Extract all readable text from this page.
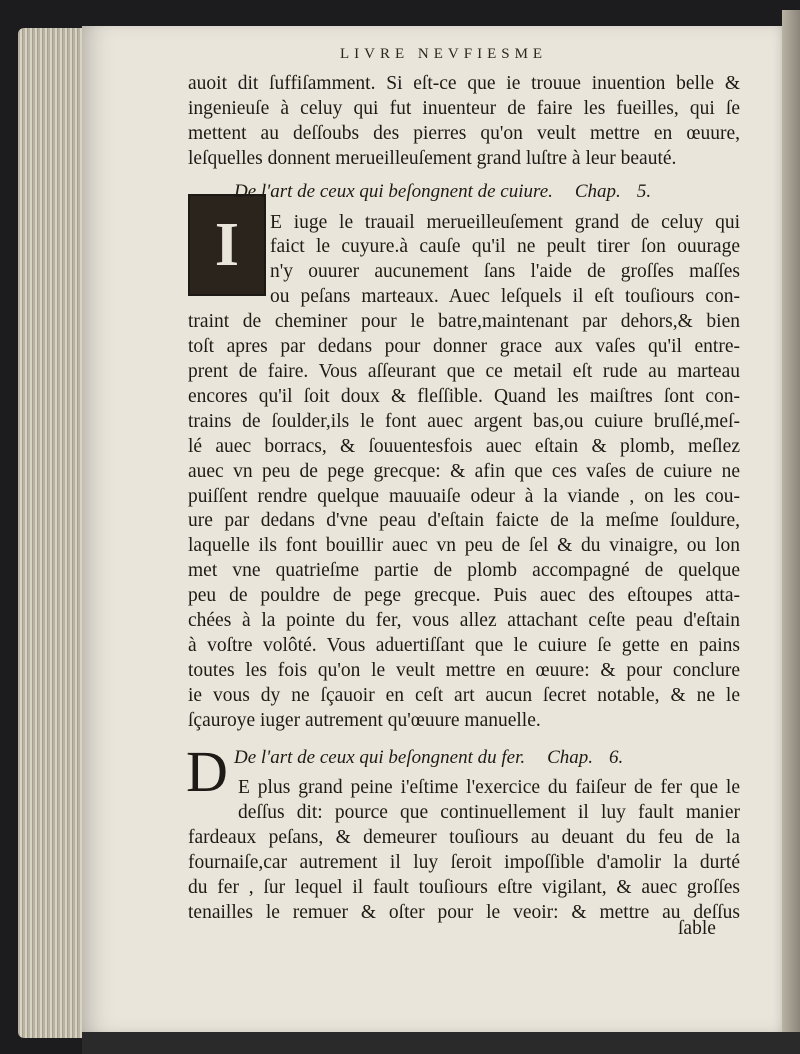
LIVRE NEVFIESME
I
D
auoit dit ſuffiſamment. Si eſt-ce que ie trouue inuention belle &
ingenieuſe à celuy qui fut inuenteur de faire les fueilles, qui ſe
mettent au deſſoubs des pierres qu'on veult mettre en œuure,
leſquelles donnent merueilleuſement grand luſtre à leur beauté.
De l'art de ceux qui beſongnent de cuiure. Chap. 5.
E iuge le trauail merueilleuſement grand de celuy qui
faict le cuyure.à cauſe qu'il ne peult tirer ſon ouurage
n'y ouurer aucunement ſans l'aide de groſſes maſſes
ou peſans marteaux. Auec leſquels il eſt touſiours con-
traint de cheminer pour le batre,maintenant par dehors,& bien
toſt apres par dedans pour donner grace aux vaſes qu'il entre-
prent de faire. Vous aſſeurant que ce metail eſt rude au marteau
encores qu'il ſoit doux & fleſſible. Quand les maiſtres ſont con-
trains de ſoulder,ils le font auec argent bas,ou cuiure bruſlé,meſ-
lé auec borracs, & ſouuentesfois auec eſtain & plomb, meſlez
auec vn peu de pege grecque: & afin que ces vaſes de cuiure ne
puiſſent rendre quelque mauuaiſe odeur à la viande , on les cou-
ure par dedans d'vne peau d'eſtain faicte de la meſme ſouldure,
laquelle ils font bouillir auec vn peu de ſel & du vinaigre, ou lon
met vne quatrieſme partie de plomb accompagné de quelque
peu de pouldre de pege grecque. Puis auec des eſtoupes atta-
chées à la pointe du fer, vous allez attachant ceſte peau d'eſtain
à voſtre volôté. Vous aduertiſſant que le cuiure ſe gette en pains
toutes les fois qu'on le veult mettre en œuure: & pour conclure
ie vous dy ne ſçauoir en ceſt art aucun ſecret notable, & ne le
ſçauroye iuger autrement qu'œuure manuelle.
De l'art de ceux qui beſongnent du fer. Chap. 6.
E plus grand peine i'eſtime l'exercice du faiſeur de fer que le
deſſus dit: pource que continuellement il luy fault manier
fardeaux peſans, & demeurer touſiours au deuant du feu de la
fournaiſe,car autrement il luy ſeroit impoſſible d'amolir la durté
du fer , ſur lequel il fault touſiours eſtre vigilant, & auec groſſes
tenailles le remuer & oſter pour le veoir: & mettre au deſſus
ſable
